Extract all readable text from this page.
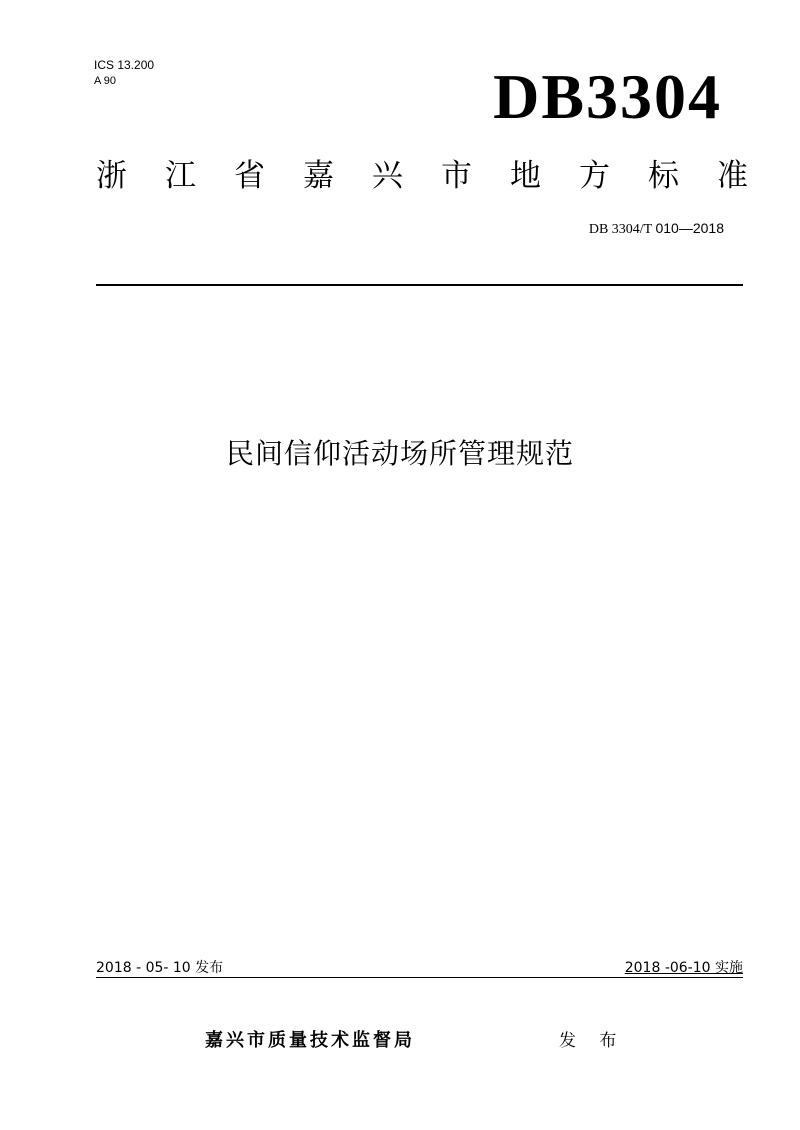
ICS 13.200
A 90	DB3304
浙 江 省 嘉 兴 市 地 方 标 准
DB 3304/T 010—2018
民间信仰活动场所管理规范
2018 - 05- 10 发布	2018 -06-10 实施
嘉兴市质量技术监督局	发 布
